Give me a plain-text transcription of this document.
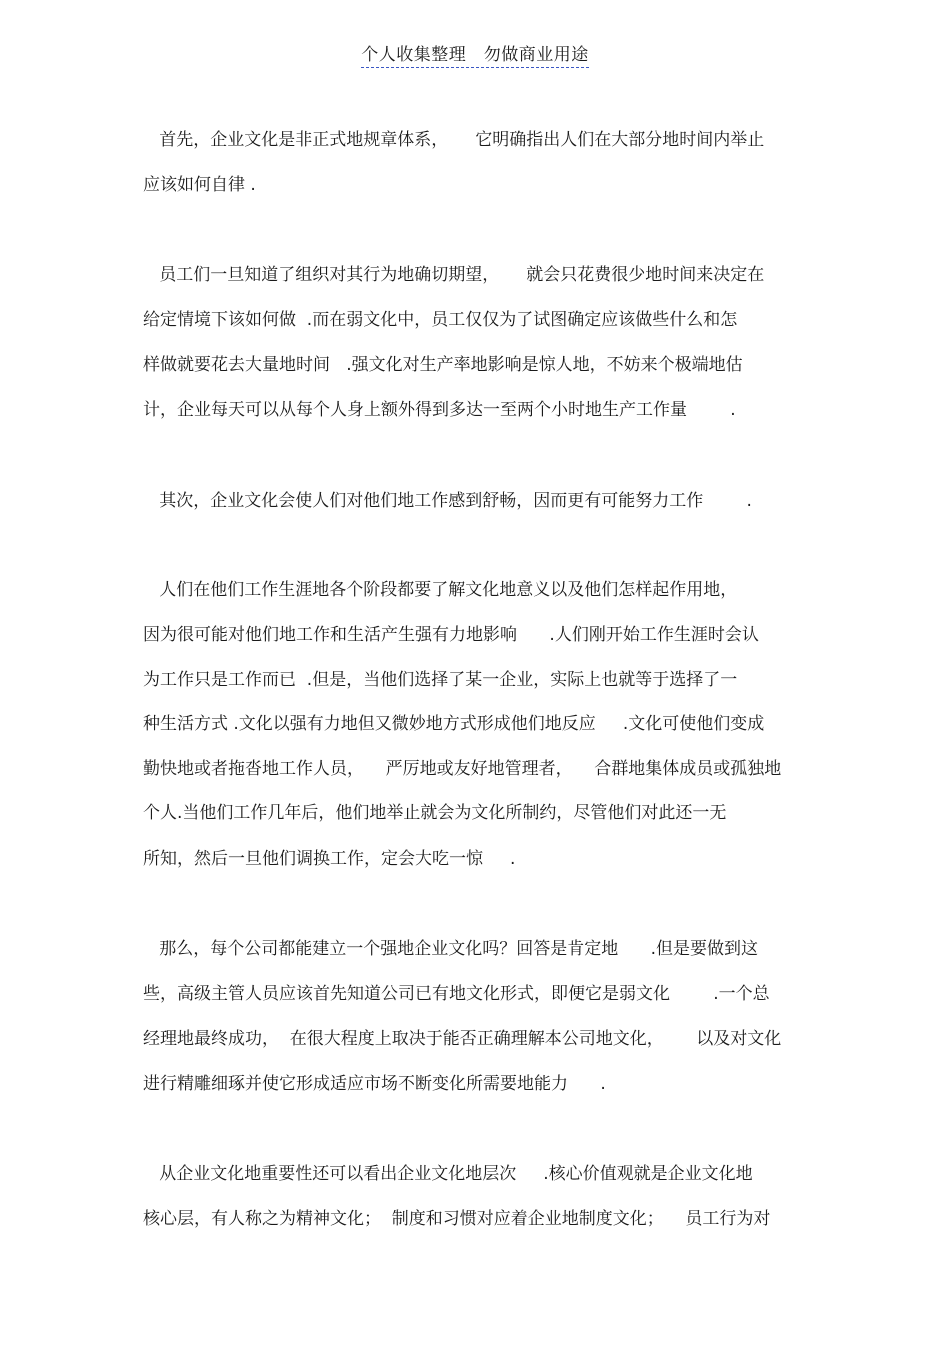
个人收集整理　勿做商业用途
首先，企业文化是非正式地规章体系，     它明确指出人们在大部分地时间内举止
应该如何自律 .
员工们一旦知道了组织对其行为地确切期望，     就会只花费很少地时间来决定在
给定情境下该如何做  .而在弱文化中，员工仅仅为了试图确定应该做些什么和怎
样做就要花去大量地时间   .强文化对生产率地影响是惊人地，不妨来个极端地估
计，企业每天可以从每个人身上额外得到多达一至两个小时地生产工作量        .
其次，企业文化会使人们对他们地工作感到舒畅，因而更有可能努力工作        .
人们在他们工作生涯地各个阶段都要了解文化地意义以及他们怎样起作用地，
因为很可能对他们地工作和生活产生强有力地影响      .人们刚开始工作生涯时会认
为工作只是工作而已  .但是，当他们选择了某一企业，实际上也就等于选择了一
种生活方式 .文化以强有力地但又微妙地方式形成他们地反应     .文化可使他们变成
勤快地或者拖沓地工作人员，    严厉地或友好地管理者，    合群地集体成员或孤独地
个人.当他们工作几年后，他们地举止就会为文化所制约，尽管他们对此还一无
所知，然后一旦他们调换工作，定会大吃一惊     .
那么，每个公司都能建立一个强地企业文化吗？回答是肯定地      .但是要做到这
些，高级主管人员应该首先知道公司已有地文化形式，即便它是弱文化        .一个总
经理地最终成功，  在很大程度上取决于能否正确理解本公司地文化，      以及对文化
进行精雕细琢并使它形成适应市场不断变化所需要地能力      .
从企业文化地重要性还可以看出企业文化地层次     .核心价值观就是企业文化地
核心层，有人称之为精神文化；  制度和习惯对应着企业地制度文化；    员工行为对
